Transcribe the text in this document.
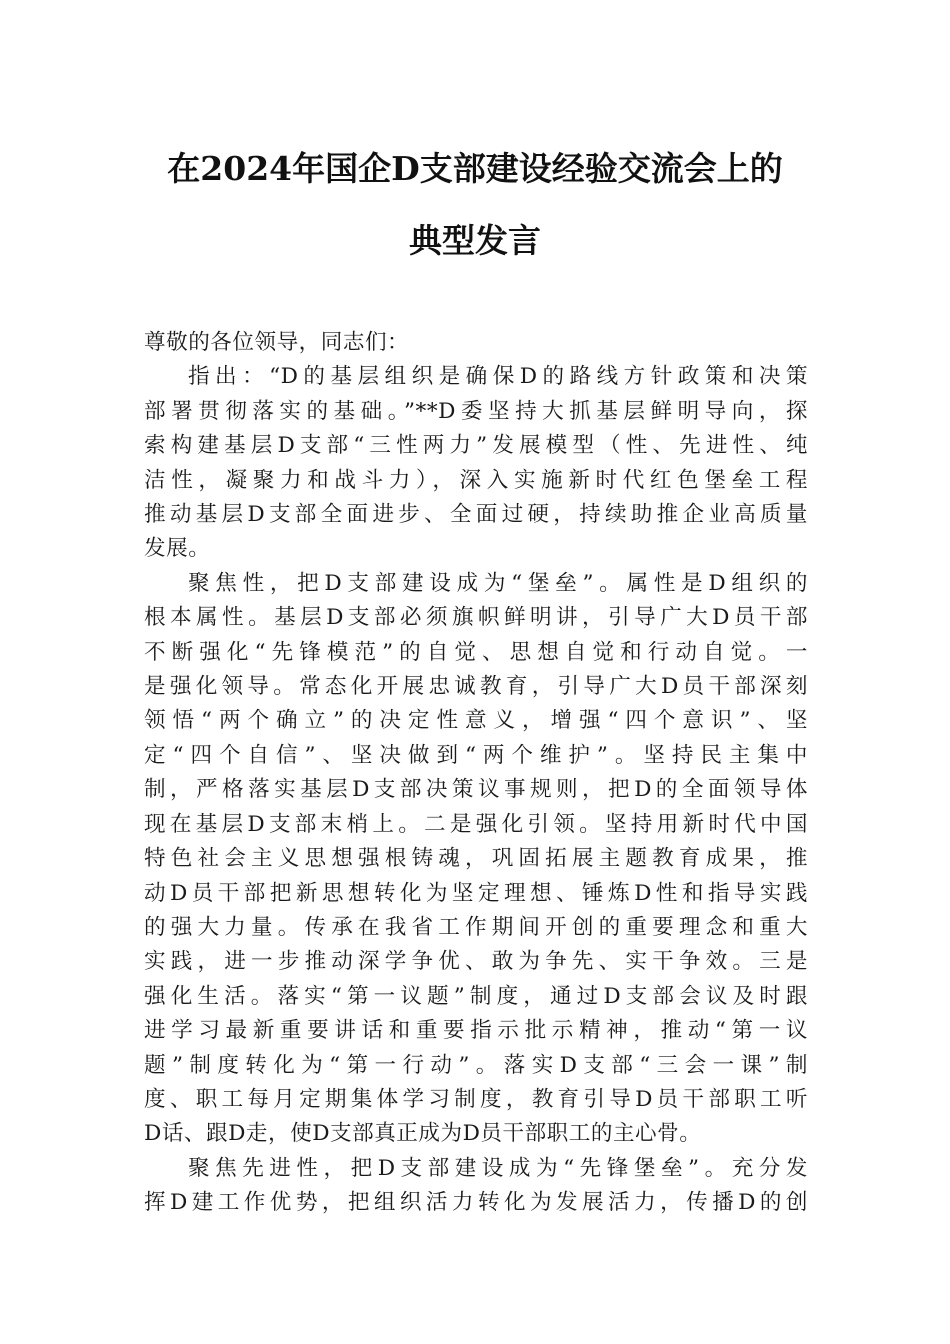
在2024年国企D支部建设经验交流会上的
典型发言
尊敬的各位领导，同志们：
指出：“D的基层组织是确保D的路线方针政策和决策
部署贯彻落实的基础。”**D委坚持大抓基层鲜明导向，探
索构建基层D支部“三性两力”发展模型（性、先进性、纯
洁性，凝聚力和战斗力），深入实施新时代红色堡垒工程
推动基层D支部全面进步、全面过硬，持续助推企业高质量
发展。
聚焦性，把D支部建设成为“堡垒”。属性是D组织的
根本属性。基层D支部必须旗帜鲜明讲，引导广大D员干部
不断强化“先锋模范”的自觉、思想自觉和行动自觉。一
是强化领导。常态化开展忠诚教育，引导广大D员干部深刻
领悟“两个确立”的决定性意义，增强“四个意识”、坚
定“四个自信”、坚决做到“两个维护”。坚持民主集中
制，严格落实基层D支部决策议事规则，把D的全面领导体
现在基层D支部末梢上。二是强化引领。坚持用新时代中国
特色社会主义思想强根铸魂，巩固拓展主题教育成果，推
动D员干部把新思想转化为坚定理想、锤炼D性和指导实践
的强大力量。传承在我省工作期间开创的重要理念和重大
实践，进一步推动深学争优、敢为争先、实干争效。三是
强化生活。落实“第一议题”制度，通过D支部会议及时跟
进学习最新重要讲话和重要指示批示精神，推动“第一议
题”制度转化为“第一行动”。落实D支部“三会一课”制
度、职工每月定期集体学习制度，教育引导D员干部职工听
D话、跟D走，使D支部真正成为D员干部职工的主心骨。
聚焦先进性，把D支部建设成为“先锋堡垒”。充分发
挥D建工作优势，把组织活力转化为发展活力，传播D的创
